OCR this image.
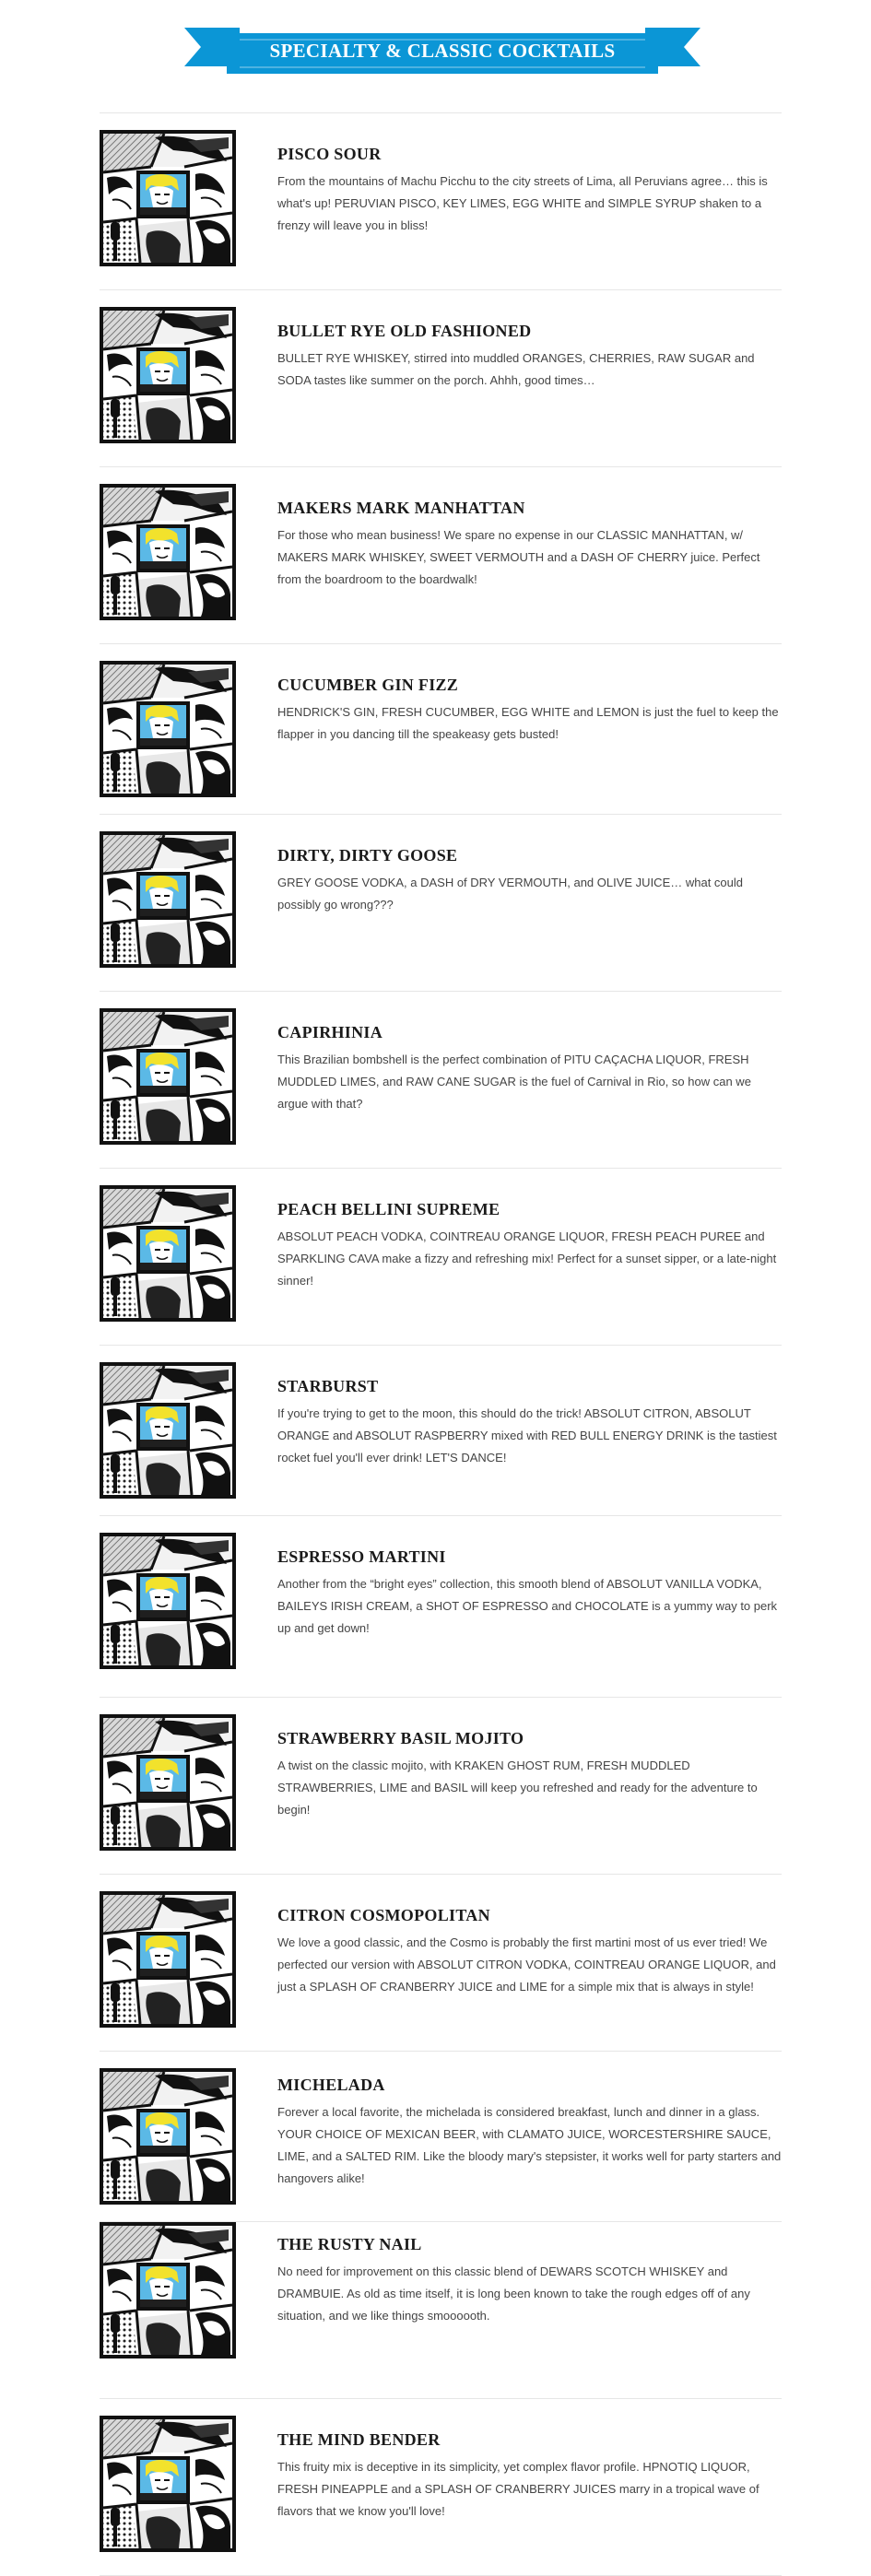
SPECIALTY & CLASSIC COCKTAILS
PISCO SOUR

From the mountains of Machu Picchu to the city streets of Lima, all Peruvians agree… this is what's up! PERUVIAN PISCO, KEY LIMES, EGG WHITE and SIMPLE SYRUP shaken to a frenzy will leave you in bliss!

BULLET RYE OLD FASHIONED

BULLET RYE WHISKEY, stirred into muddled ORANGES, CHERRIES, RAW SUGAR and SODA tastes like summer on the porch. Ahhh, good times…

MAKERS MARK MANHATTAN

For those who mean business! We spare no expense in our CLASSIC MANHATTAN, w/ MAKERS MARK WHISKEY, SWEET VERMOUTH and a DASH OF CHERRY juice. Perfect from the boardroom to the boardwalk!

CUCUMBER GIN FIZZ

HENDRICK'S GIN, FRESH CUCUMBER, EGG WHITE and LEMON is just the fuel to keep the flapper in you dancing till the speakeasy gets busted!

DIRTY, DIRTY GOOSE

GREY GOOSE VODKA, a DASH of DRY VERMOUTH, and OLIVE JUICE… what could possibly go wrong???

CAPIRHINIA

This Brazilian bombshell is the perfect combination of PITU CAÇACHA LIQUOR, FRESH MUDDLED LIMES, and RAW CANE SUGAR is the fuel of Carnival in Rio, so how can we argue with that?

PEACH BELLINI SUPREME

ABSOLUT PEACH VODKA, COINTREAU ORANGE LIQUOR, FRESH PEACH PUREE and SPARKLING CAVA make a fizzy and refreshing mix! Perfect for a sunset sipper, or a late-night sinner!

STARBURST

If you're trying to get to the moon, this should do the trick! ABSOLUT CITRON, ABSOLUT ORANGE and ABSOLUT RASPBERRY mixed with RED BULL ENERGY DRINK is the tastiest rocket fuel you'll ever drink! LET'S DANCE!

ESPRESSO MARTINI

Another from the “bright eyes” collection, this smooth blend of ABSOLUT VANILLA VODKA, BAILEYS IRISH CREAM, a SHOT OF ESPRESSO and CHOCOLATE is a yummy way to perk up and get down!

STRAWBERRY BASIL MOJITO

A twist on the classic mojito, with KRAKEN GHOST RUM, FRESH MUDDLED STRAWBERRIES, LIME and BASIL will keep you refreshed and ready for the adventure to begin!

CITRON COSMOPOLITAN

We love a good classic, and the Cosmo is probably the first martini most of us ever tried! We perfected our version with ABSOLUT CITRON VODKA, COINTREAU ORANGE LIQUOR, and just a SPLASH OF CRANBERRY JUICE and LIME for a simple mix that is always in style!

MICHELADA

Forever a local favorite, the michelada is considered breakfast, lunch and dinner in a glass. YOUR CHOICE OF MEXICAN BEER, with CLAMATO JUICE, WORCESTERSHIRE SAUCE, LIME, and a SALTED RIM. Like the bloody mary's stepsister, it works well for party starters and hangovers alike!

THE RUSTY NAIL

No need for improvement on this classic blend of DEWARS SCOTCH WHISKEY and DRAMBUIE. As old as time itself, it is long been known to take the rough edges off of any situation, and we like things smoooooth.

THE MIND BENDER

This fruity mix is deceptive in its simplicity, yet complex flavor profile. HPNOTIQ LIQUOR, FRESH PINEAPPLE and a SPLASH OF CRANBERRY JUICES marry in a tropical wave of flavors that we know you'll love!
